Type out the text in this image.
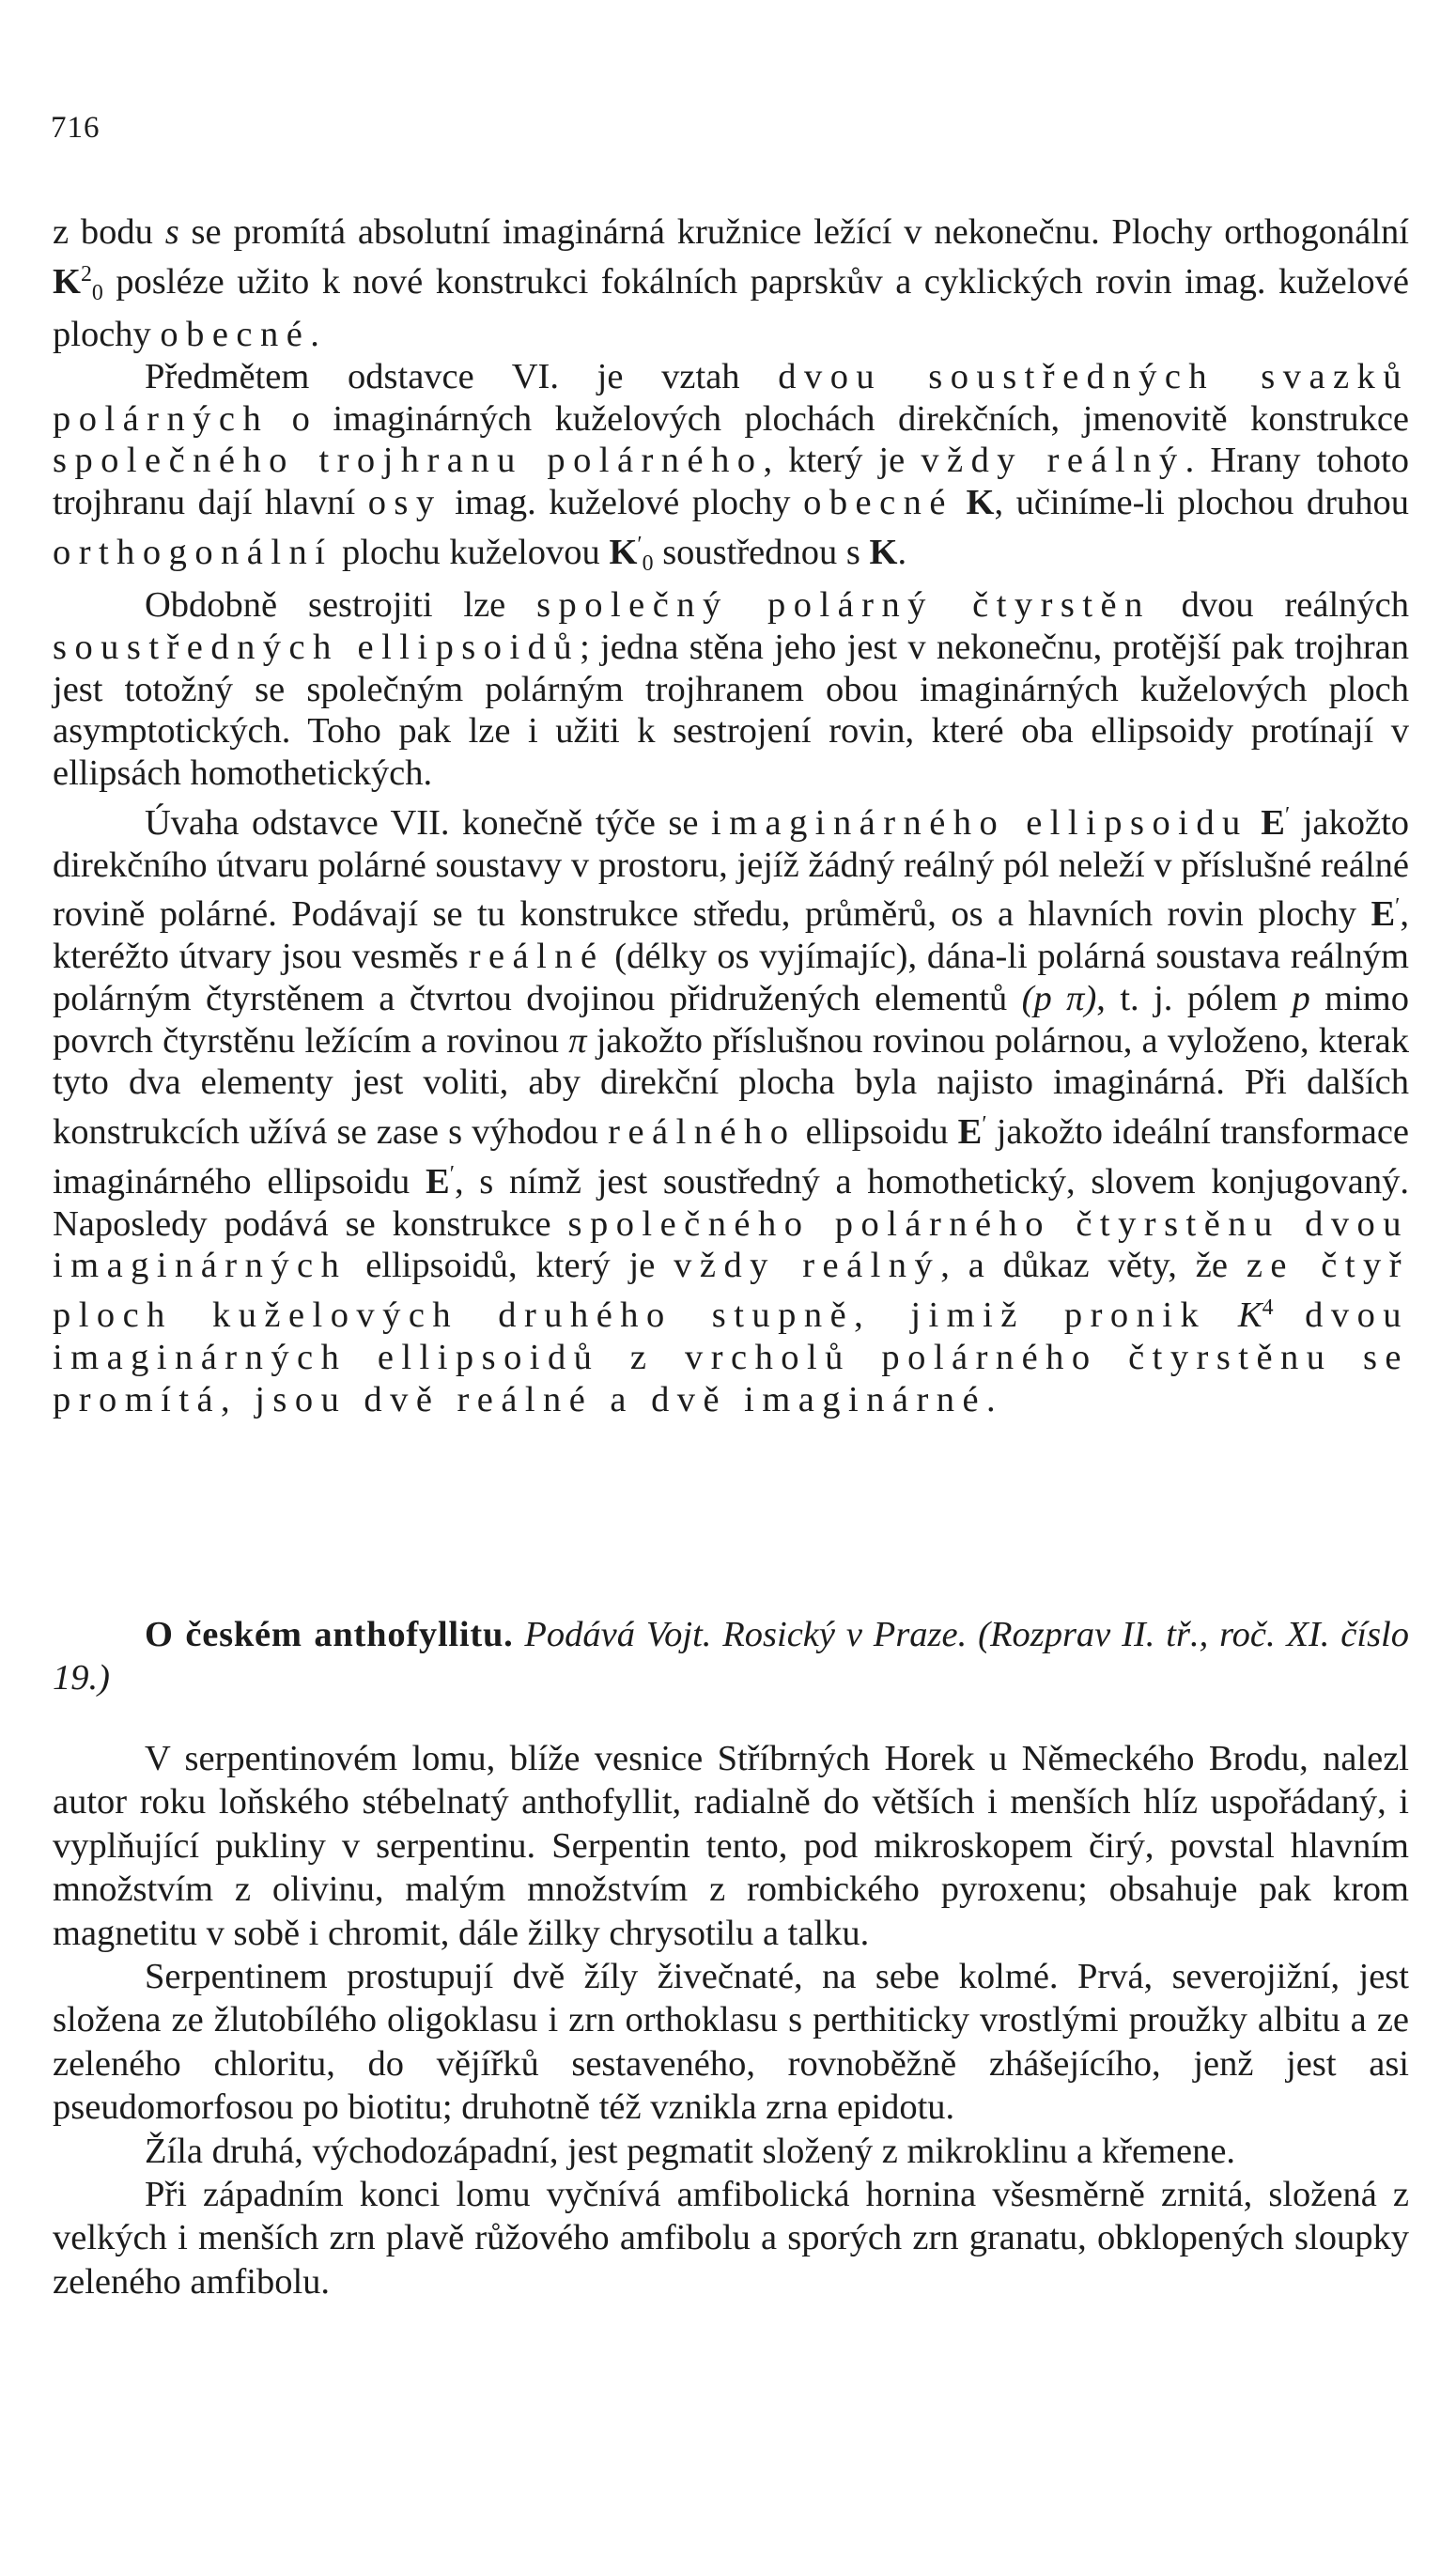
716

z bodu s se promítá absolutní imaginárná kružnice ležící v nekonečnu. Plochy orthogonální $K^2_0$ posléze užito k nové konstrukci fokálních paprskův a cyklických rovin imag. kuželové plochy obecné.

Předmětem odstavce VI. je vztah dvou soustředných svazků polárných o imaginárných kuželových plochách direkčních, jmenovitě konstrukce společného trojhranu polárného, který je vždy reálný. Hrany tohoto trojhranu dají hlavní osy imag. kuželové plochy obecné K, učiníme-li plochou druhou orthogonální plochu kuželovou $K'_0$ soustřednou s K.

Obdobně sestrojiti lze společný polárný čtyrstěn dvou reálných soustředných ellipsoidů; jedna stěna jeho jest v nekonečnu, protější pak trojhran jest totožný se společným polárným trojhranem obou imaginárných kuželových ploch asymptotických. Toho pak lze i užiti k sestrojení rovin, které oba ellipsoidy protínají v ellipsách homothetických.

Úvaha odstavce VII. konečně týče se imaginárného ellipsoidu E′ jakožto direkčního útvaru polárné soustavy v prostoru, jejíž žádný reálný pól neleží v příslušné reálné rovině polárné. Podávají se tu konstrukce středu, průměrů, os a hlavních rovin plochy E′, kteréžto útvary jsou vesměs reálné (délky os vyjímajíc), dána-li polárná soustava reálným polárným čtyrstěnem a čtvrtou dvojinou přidružených elementů (p π), t. j. pólem p mimo povrch čtyrstěnu ležícím a rovinou π jakožto příslušnou rovinou polárnou, a vyloženo, kterak tyto dva elementy jest voliti, aby direkční plocha byla najisto imaginárná. Při dalších konstrukcích užívá se zase s výhodou reálného ellipsoidu E′ jakožto ideální transformace imaginárného ellipsoidu E′, s nímž jest soustředný a homothetický, slovem konjugovaný. Naposledy podává se konstrukce společného polárného čtyrstěnu dvou imaginárných ellipsoidů, který je vždy reálný, a důkaz věty, že ze čtyř ploch kuželových druhého stupně, jimiž pronik $K^4$ dvou imaginárných ellipsoidů z vrcholů polárného čtyrstěnu se promítá, jsou dvě reálné a dvě imaginárné.

O českém anthofyllitu. Podává Vojt. Rosický v Praze. (Rozprav II. tř., roč. XI. číslo 19.)

V serpentinovém lomu, blíže vesnice Stříbrných Horek u Německého Brodu, nalezl autor roku loňského stébelnatý anthofyllit, radialně do větších i menších hlíz uspořádaný, i vyplňující pukliny v serpentinu. Serpentin tento, pod mikroskopem čirý, povstal hlavním množstvím z olivinu, malým množstvím z rombického pyroxenu; obsahuje pak krom magnetitu v sobě i chromit, dále žilky chrysotilu a talku.

Serpentinem prostupují dvě žíly živečnaté, na sebe kolmé. Prvá, severojižní, jest složena ze žlutobílého oligoklasu i zrn orthoklasu s perthiticky vrostlými proužky albitu a ze zeleného chloritu, do vějířků sestaveného, rovnoběžně zhášejícího, jenž jest asi pseudomorfosou po biotitu; druhotně též vznikla zrna epidotu.

Žíla druhá, východozápadní, jest pegmatit složený z mikroklinu a křemene.

Při západním konci lomu vyčnívá amfibolická hornina všesměrně zrnitá, složená z velkých i menších zrn plavě růžového amfibolu a sporých zrn granatu, obklopených sloupky zeleného amfibolu.
